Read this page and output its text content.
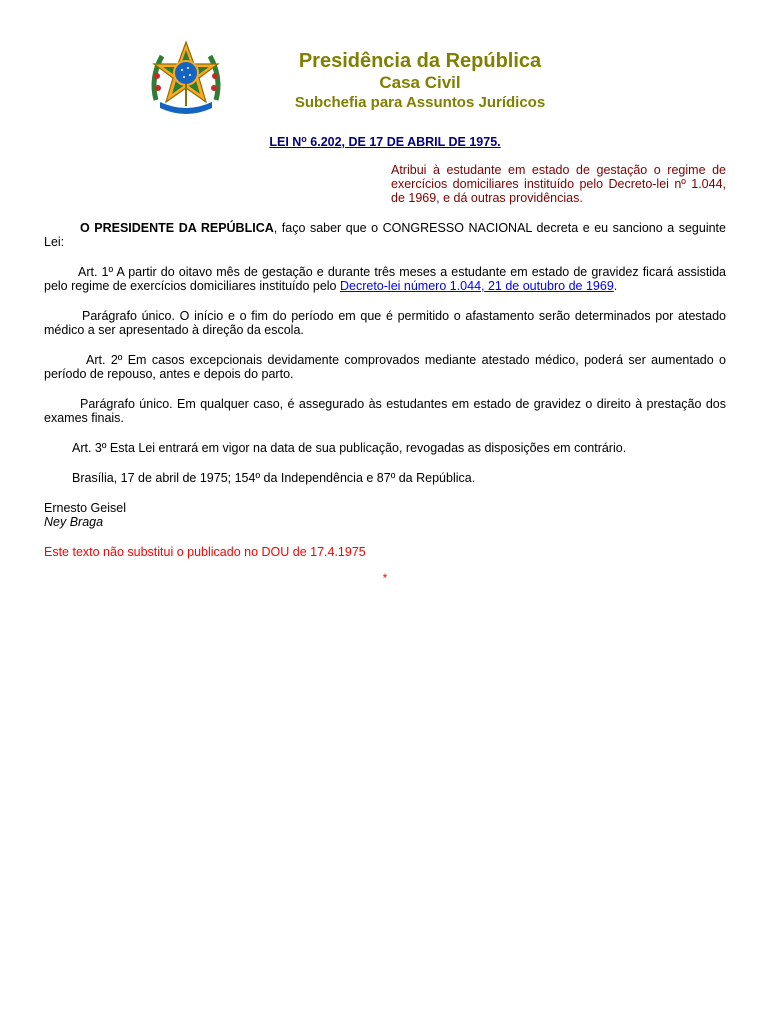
Presidência da República
Casa Civil
Subchefia para Assuntos Jurídicos
LEI $N^o$ 6.202, DE 17 DE ABRIL DE 1975.
Atribui à estudante em estado de gestação o regime de exercícios domiciliares instituído pelo Decreto-lei nº 1.044, de 1969, e dá outras providências.

O PRESIDENTE DA REPÚBLICA, faço saber que o CONGRESSO NACIONAL decreta e eu sanciono a seguinte Lei:

Art. 1º A partir do oitavo mês de gestação e durante três meses a estudante em estado de gravidez ficará assistida pelo regime de exercícios domiciliares instituído pelo Decreto-lei número 1.044, 21 de outubro de 1969.

Parágrafo único. O início e o fim do período em que é permitido o afastamento serão determinados por atestado médico a ser apresentado à direção da escola.

Art. 2º Em casos excepcionais devidamente comprovados mediante atestado médico, poderá ser aumentado o período de repouso, antes e depois do parto.

Parágrafo único. Em qualquer caso, é assegurado às estudantes em estado de gravidez o direito à prestação dos exames finais.

Art. 3º Esta Lei entrará em vigor na data de sua publicação, revogadas as disposições em contrário.

Brasília, 17 de abril de 1975; 154º da Independência e 87º da República.

Ernesto Geisel

Ney Braga

Este texto não substitui o publicado no DOU de 17.4.1975

*
